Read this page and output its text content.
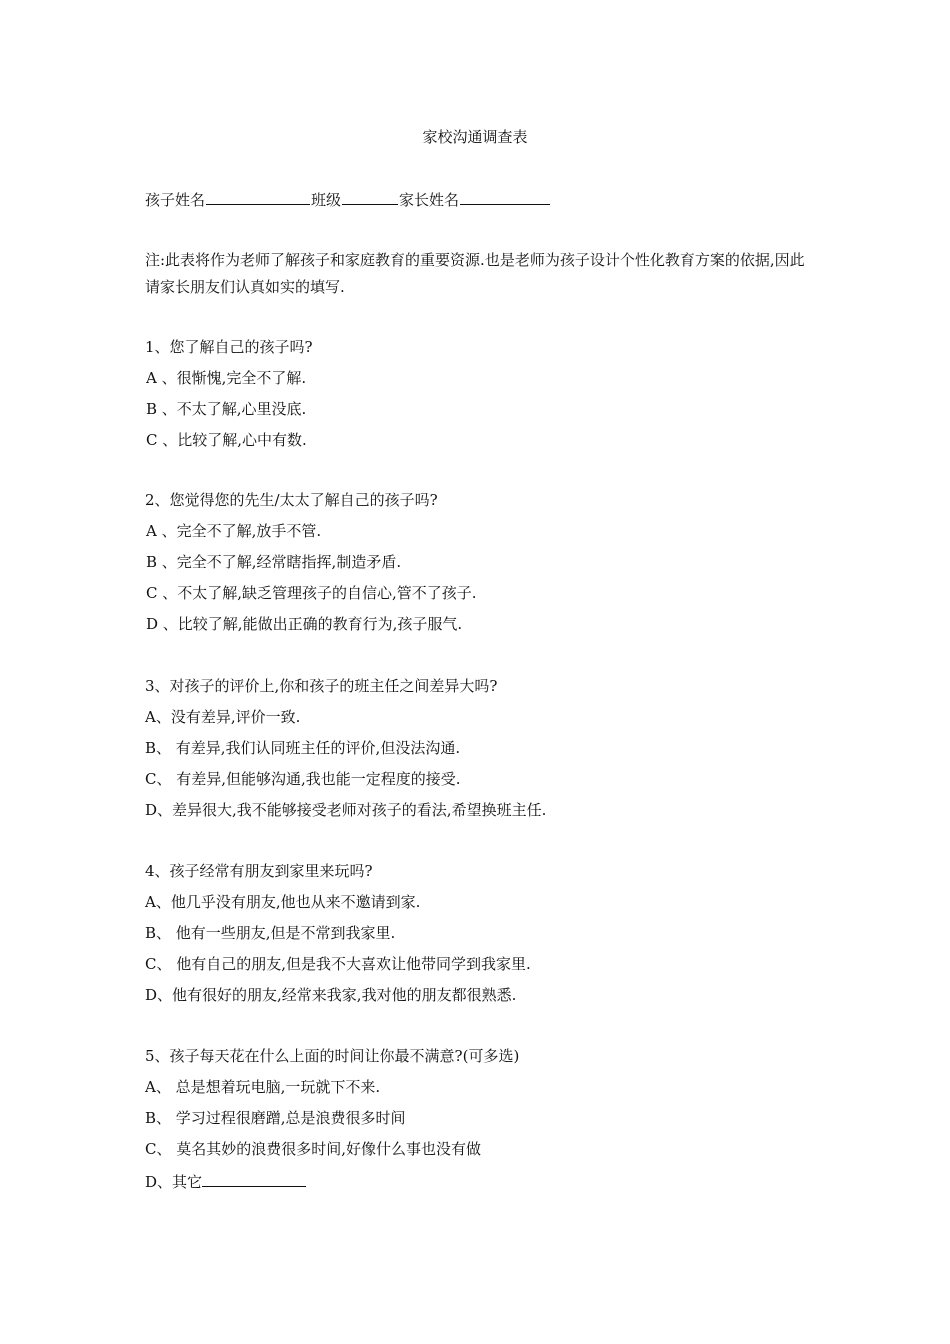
家校沟通调查表
孩子姓名	班级	家长姓名
注:此表将作为老师了解孩子和家庭教育的重要资源.也是老师为孩子设计个性化教育方案的依据,因此请家长朋友们认真如实的填写.
1、您了解自己的孩子吗?
A 、很惭愧,完全不了解.
B 、不太了解,心里没底.
C 、比较了解,心中有数.
2、您觉得您的先生/太太了解自己的孩子吗?
A 、完全不了解,放手不管.
B 、完全不了解,经常瞎指挥,制造矛盾.
C 、不太了解,缺乏管理孩子的自信心,管不了孩子.
D 、比较了解,能做出正确的教育行为,孩子服气.
3、对孩子的评价上,你和孩子的班主任之间差异大吗?
A、没有差异,评价一致.
B、 有差异,我们认同班主任的评价,但没法沟通.
C、 有差异,但能够沟通,我也能一定程度的接受.
D、差异很大,我不能够接受老师对孩子的看法,希望换班主任.
4、孩子经常有朋友到家里来玩吗?
A、他几乎没有朋友,他也从来不邀请到家.
B、 他有一些朋友,但是不常到我家里.
C、 他有自己的朋友,但是我不大喜欢让他带同学到我家里.
D、他有很好的朋友,经常来我家,我对他的朋友都很熟悉.
5、孩子每天花在什么上面的时间让你最不满意?(可多选)
A、 总是想着玩电脑,一玩就下不来.
B、 学习过程很磨蹭,总是浪费很多时间
C、 莫名其妙的浪费很多时间,好像什么事也没有做
D、其它
